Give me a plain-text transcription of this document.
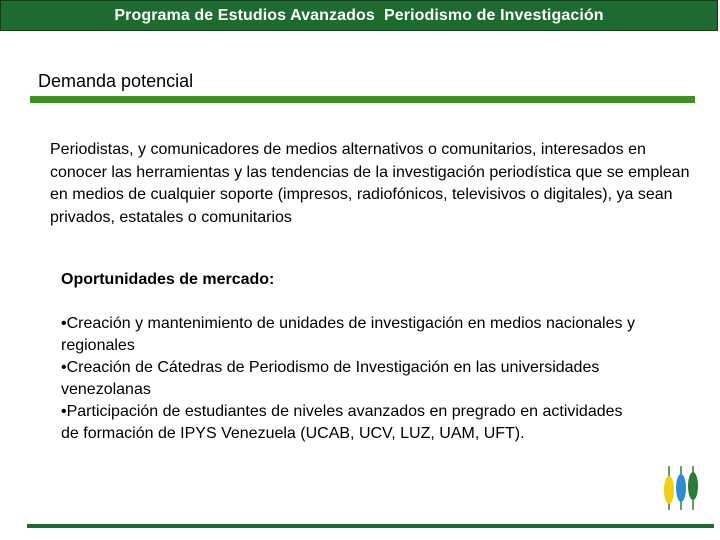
Programa de Estudios Avanzados  Periodismo de Investigación
Demanda potencial

Periodistas, y comunicadores de medios alternativos o comunitarios, interesados en conocer las herramientas y las tendencias de la investigación periodística que se emplean en medios de cualquier soporte (impresos, radiofónicos, televisivos o digitales), ya sean privados, estatales o comunitarios

Oportunidades de mercado:
•Creación y mantenimiento de unidades de investigación en medios nacionales y regionales
•Creación de Cátedras de Periodismo de Investigación en las universidades venezolanas
•Participación de estudiantes de niveles avanzados en pregrado en actividades de formación de IPYS Venezuela (UCAB, UCV, LUZ, UAM, UFT).
